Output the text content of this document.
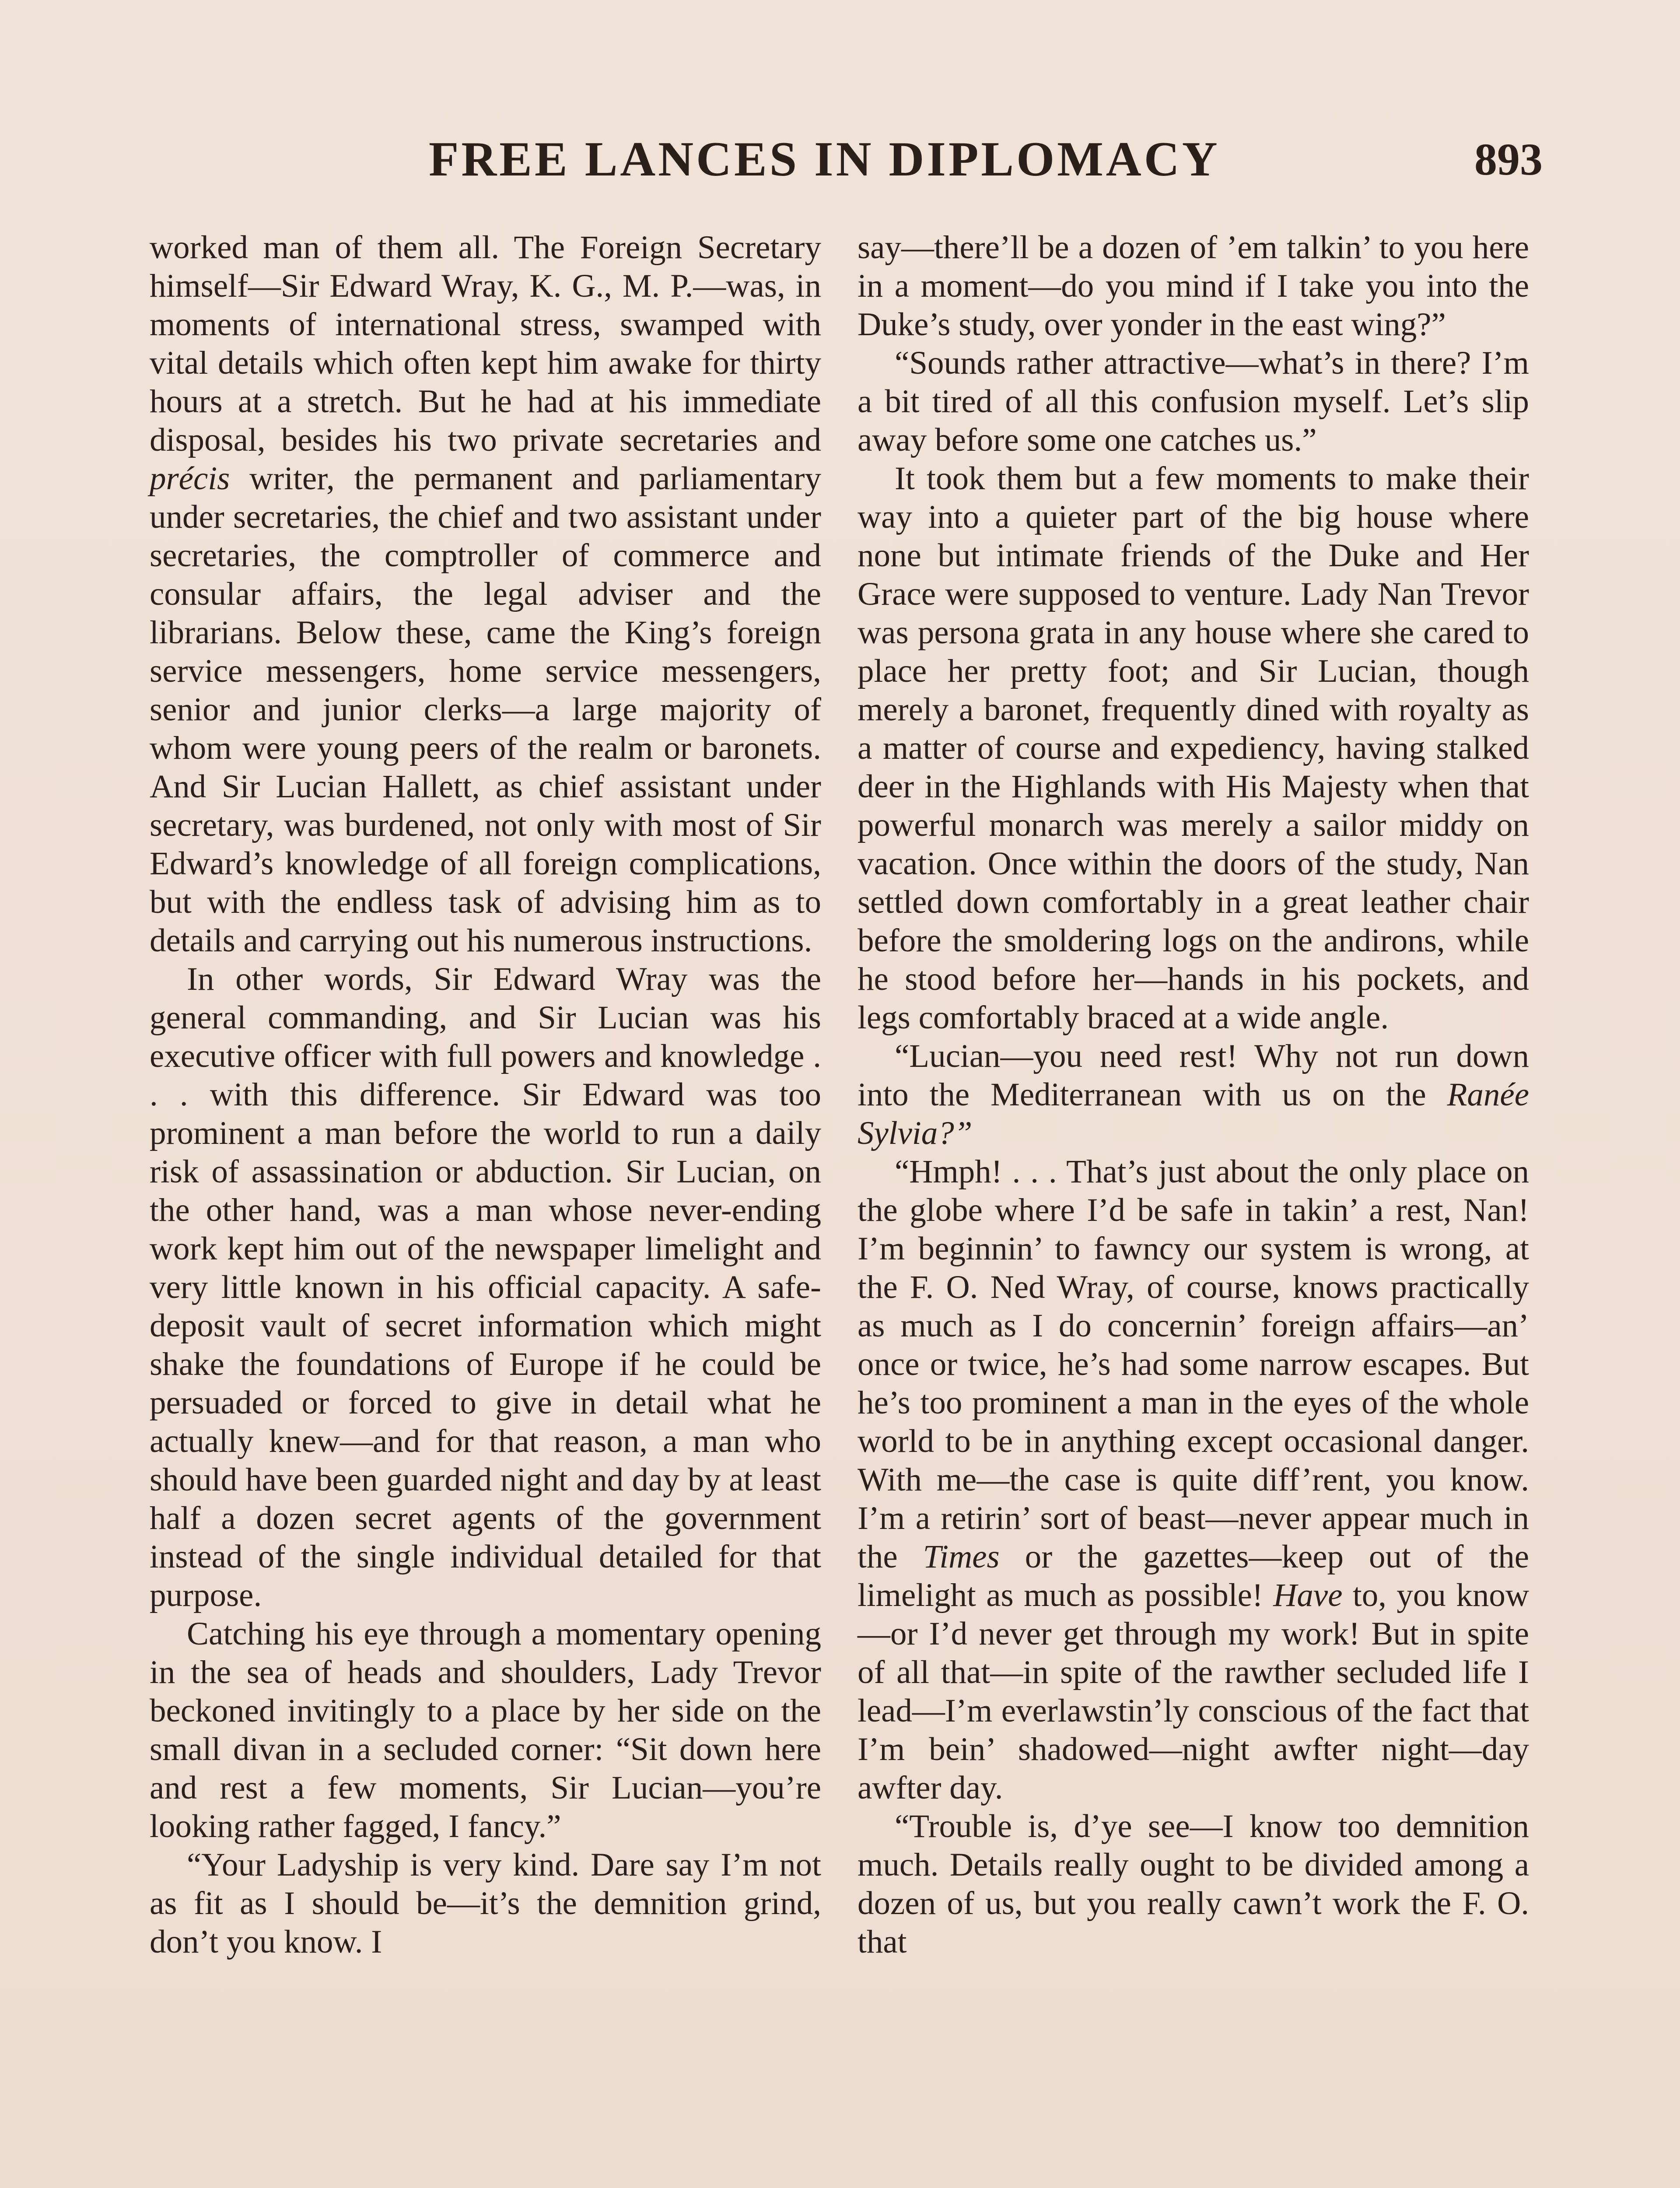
FREE LANCES IN DIPLOMACY	893

worked man of them all. The Foreign Secretary himself—Sir Edward Wray, K. G., M. P.—was, in moments of international stress, swamped with vital details which often kept him awake for thirty hours at a stretch. But he had at his immediate disposal, besides his two private secretaries and précis writer, the permanent and parliamentary under secretaries, the chief and two assistant under secretaries, the comptroller of commerce and consular affairs, the legal adviser and the librarians. Below these, came the King’s foreign service messengers, home service messengers, senior and junior clerks—a large majority of whom were young peers of the realm or baronets. And Sir Lucian Hallett, as chief assistant under secretary, was burdened, not only with most of Sir Edward’s knowledge of all foreign complications, but with the endless task of advising him as to details and carrying out his numerous instructions.

In other words, Sir Edward Wray was the general commanding, and Sir Lucian was his executive officer with full powers and knowledge . . . with this difference. Sir Edward was too prominent a man before the world to run a daily risk of assassination or abduction. Sir Lucian, on the other hand, was a man whose never-ending work kept him out of the newspaper limelight and very little known in his official capacity. A safe-deposit vault of secret information which might shake the foundations of Europe if he could be persuaded or forced to give in detail what he actually knew—and for that reason, a man who should have been guarded night and day by at least half a dozen secret agents of the government instead of the single individual detailed for that purpose.

Catching his eye through a momentary opening in the sea of heads and shoulders, Lady Trevor beckoned invitingly to a place by her side on the small divan in a secluded corner: “Sit down here and rest a few moments, Sir Lucian—you’re looking rather fagged, I fancy.”

“Your Ladyship is very kind. Dare say I’m not as fit as I should be—it’s the demnition grind, don’t you know. I

say—there’ll be a dozen of ’em talkin’ to you here in a moment—do you mind if I take you into the Duke’s study, over yonder in the east wing?”

“Sounds rather attractive—what’s in there? I’m a bit tired of all this confusion myself. Let’s slip away before some one catches us.”

It took them but a few moments to make their way into a quieter part of the big house where none but intimate friends of the Duke and Her Grace were supposed to venture. Lady Nan Trevor was persona grata in any house where she cared to place her pretty foot; and Sir Lucian, though merely a baronet, frequently dined with royalty as a matter of course and expediency, having stalked deer in the Highlands with His Majesty when that powerful monarch was merely a sailor middy on vacation. Once within the doors of the study, Nan settled down comfortably in a great leather chair before the smoldering logs on the andirons, while he stood before her—hands in his pockets, and legs comfortably braced at a wide angle.

“Lucian—you need rest! Why not run down into the Mediterranean with us on the Ranée Sylvia?”

“Hmph! . . . That’s just about the only place on the globe where I’d be safe in takin’ a rest, Nan! I’m beginnin’ to fawncy our system is wrong, at the F. O. Ned Wray, of course, knows practically as much as I do concernin’ foreign affairs—an’ once or twice, he’s had some narrow escapes. But he’s too prominent a man in the eyes of the whole world to be in anything except occasional danger. With me—the case is quite diff’rent, you know. I’m a retirin’ sort of beast—never appear much in the Times or the gazettes—keep out of the limelight as much as possible! Have to, you know—or I’d never get through my work! But in spite of all that—in spite of the rawther secluded life I lead—I’m everlawstin’ly conscious of the fact that I’m bein’ shadowed—night awfter night—day awfter day.

“Trouble is, d’ye see—I know too demnition much. Details really ought to be divided among a dozen of us, but you really cawn’t work the F. O. that
